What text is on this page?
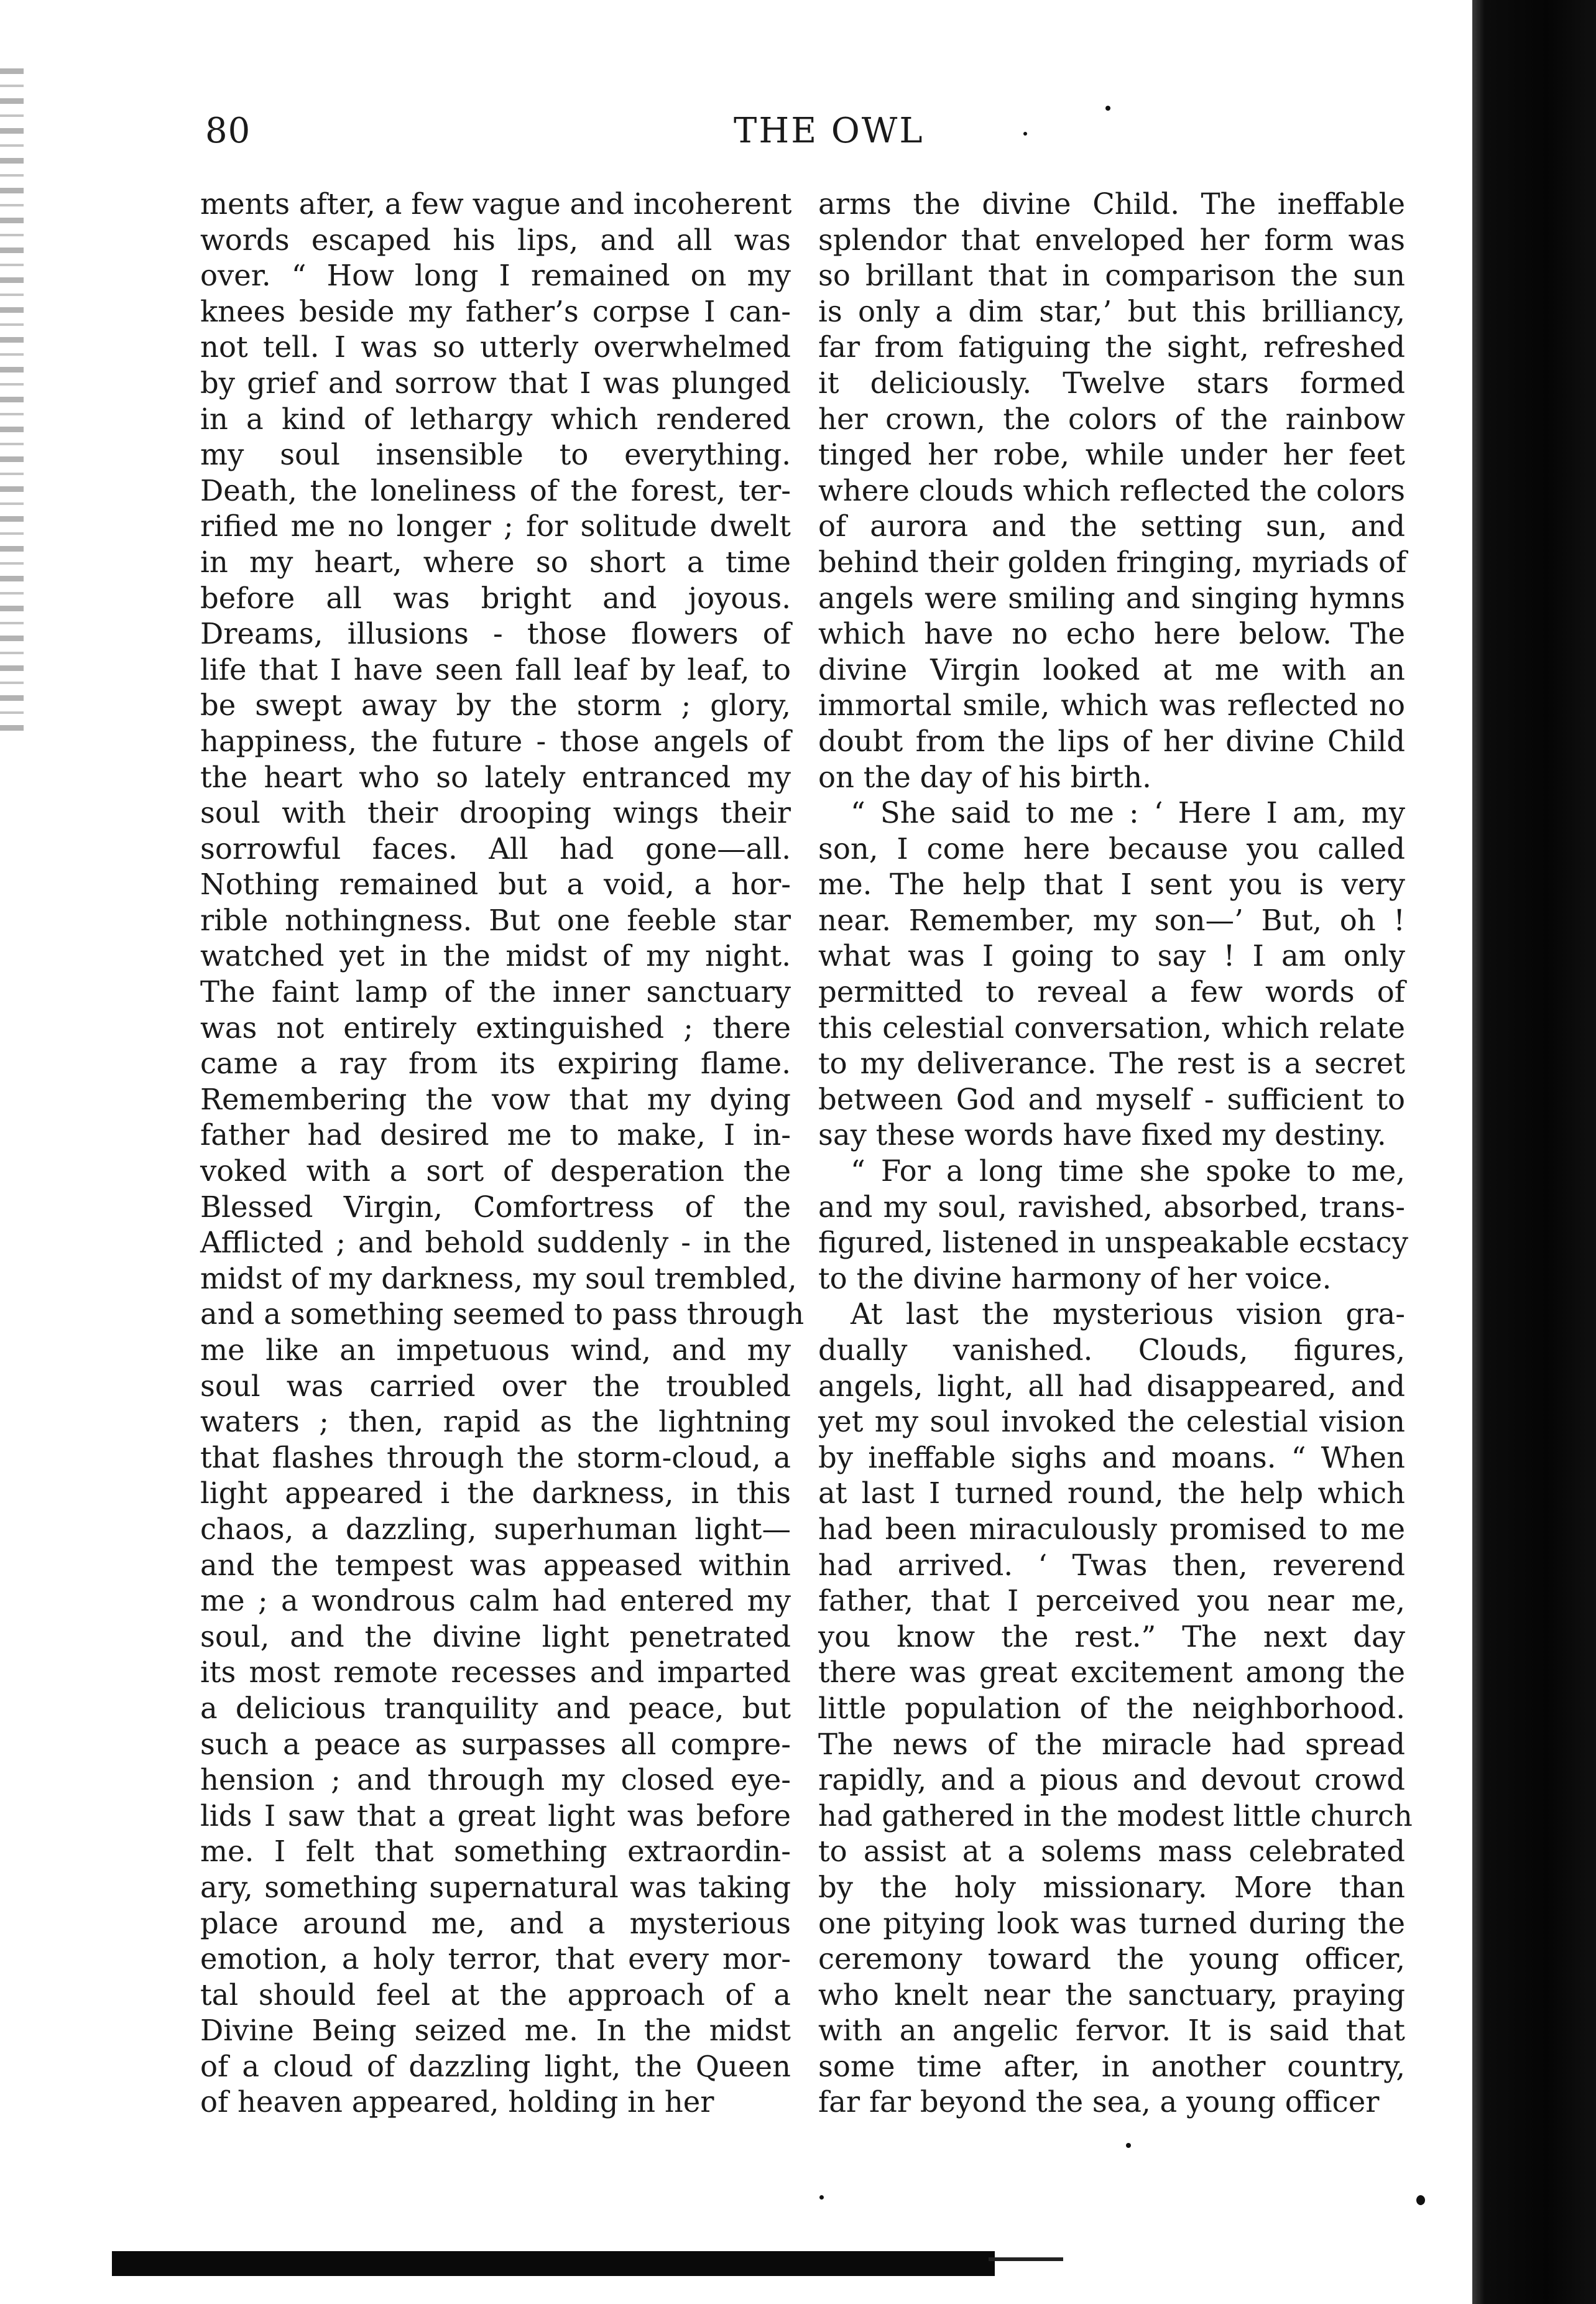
80	THE OWL
ments after, a few vague and incoherent
words escaped his lips, and all was
over. “ How long I remained on my
knees beside my father’s corpse I can-
not tell. I was so utterly overwhelmed
by grief and sorrow that I was plunged
in a kind of lethargy which rendered
my soul insensible to everything.
Death, the loneliness of the forest, ter-
rified me no longer ; for solitude dwelt
in my heart, where so short a time
before all was bright and joyous.
Dreams, illusions - those flowers of
life that I have seen fall leaf by leaf, to
be swept away by the storm ; glory,
happiness, the future - those angels of
the heart who so lately entranced my
soul with their drooping wings their
sorrowful faces. All had gone—all.
Nothing remained but a void, a hor-
rible nothingness. But one feeble star
watched yet in the midst of my night.
The faint lamp of the inner sanctuary
was not entirely extinguished ; there
came a ray from its expiring flame.
Remembering the vow that my dying
father had desired me to make, I in-
voked with a sort of desperation the
Blessed Virgin, Comfortress of the
Afflicted ; and behold suddenly - in the
midst of my darkness, my soul trembled,
and a something seemed to pass through
me like an impetuous wind, and my
soul was carried over the troubled
waters ; then, rapid as the lightning
that flashes through the storm-cloud, a
light appeared i the darkness, in this
chaos, a dazzling, superhuman light—
and the tempest was appeased within
me ; a wondrous calm had entered my
soul, and the divine light penetrated
its most remote recesses and imparted
a delicious tranquility and peace, but
such a peace as surpasses all compre-
hension ; and through my closed eye-
lids I saw that a great light was before
me. I felt that something extraordin-
ary, something supernatural was taking
place around me, and a mysterious
emotion, a holy terror, that every mor-
tal should feel at the approach of a
Divine Being seized me. In the midst
of a cloud of dazzling light, the Queen
of heaven appeared, holding in her
arms the divine Child. The ineffable
splendor that enveloped her form was
so brillant that in comparison the sun
is only a dim star,’ but this brilliancy,
far from fatiguing the sight, refreshed
it deliciously. Twelve stars formed
her crown, the colors of the rainbow
tinged her robe, while under her feet
where clouds which reflected the colors
of aurora and the setting sun, and
behind their golden fringing, myriads of
angels were smiling and singing hymns
which have no echo here below. The
divine Virgin looked at me with an
immortal smile, which was reflected no
doubt from the lips of her divine Child
on the day of his birth.
“ She said to me : ‘ Here I am, my
son, I come here because you called
me. The help that I sent you is very
near. Remember, my son—’ But, oh !
what was I going to say ! I am only
permitted to reveal a few words of
this celestial conversation, which relate
to my deliverance. The rest is a secret
between God and myself - sufficient to
say these words have fixed my destiny.
“ For a long time she spoke to me,
and my soul, ravished, absorbed, trans-
figured, listened in unspeakable ecstacy
to the divine harmony of her voice.
At last the mysterious vision gra-
dually vanished. Clouds, figures,
angels, light, all had disappeared, and
yet my soul invoked the celestial vision
by ineffable sighs and moans. “ When
at last I turned round, the help which
had been miraculously promised to me
had arrived. ‘ Twas then, reverend
father, that I perceived you near me,
you know the rest.” The next day
there was great excitement among the
little population of the neighborhood.
The news of the miracle had spread
rapidly, and a pious and devout crowd
had gathered in the modest little church
to assist at a solems mass celebrated
by the holy missionary. More than
one pitying look was turned during the
ceremony toward the young officer,
who knelt near the sanctuary, praying
with an angelic fervor. It is said that
some time after, in another country,
far far beyond the sea, a young officer
